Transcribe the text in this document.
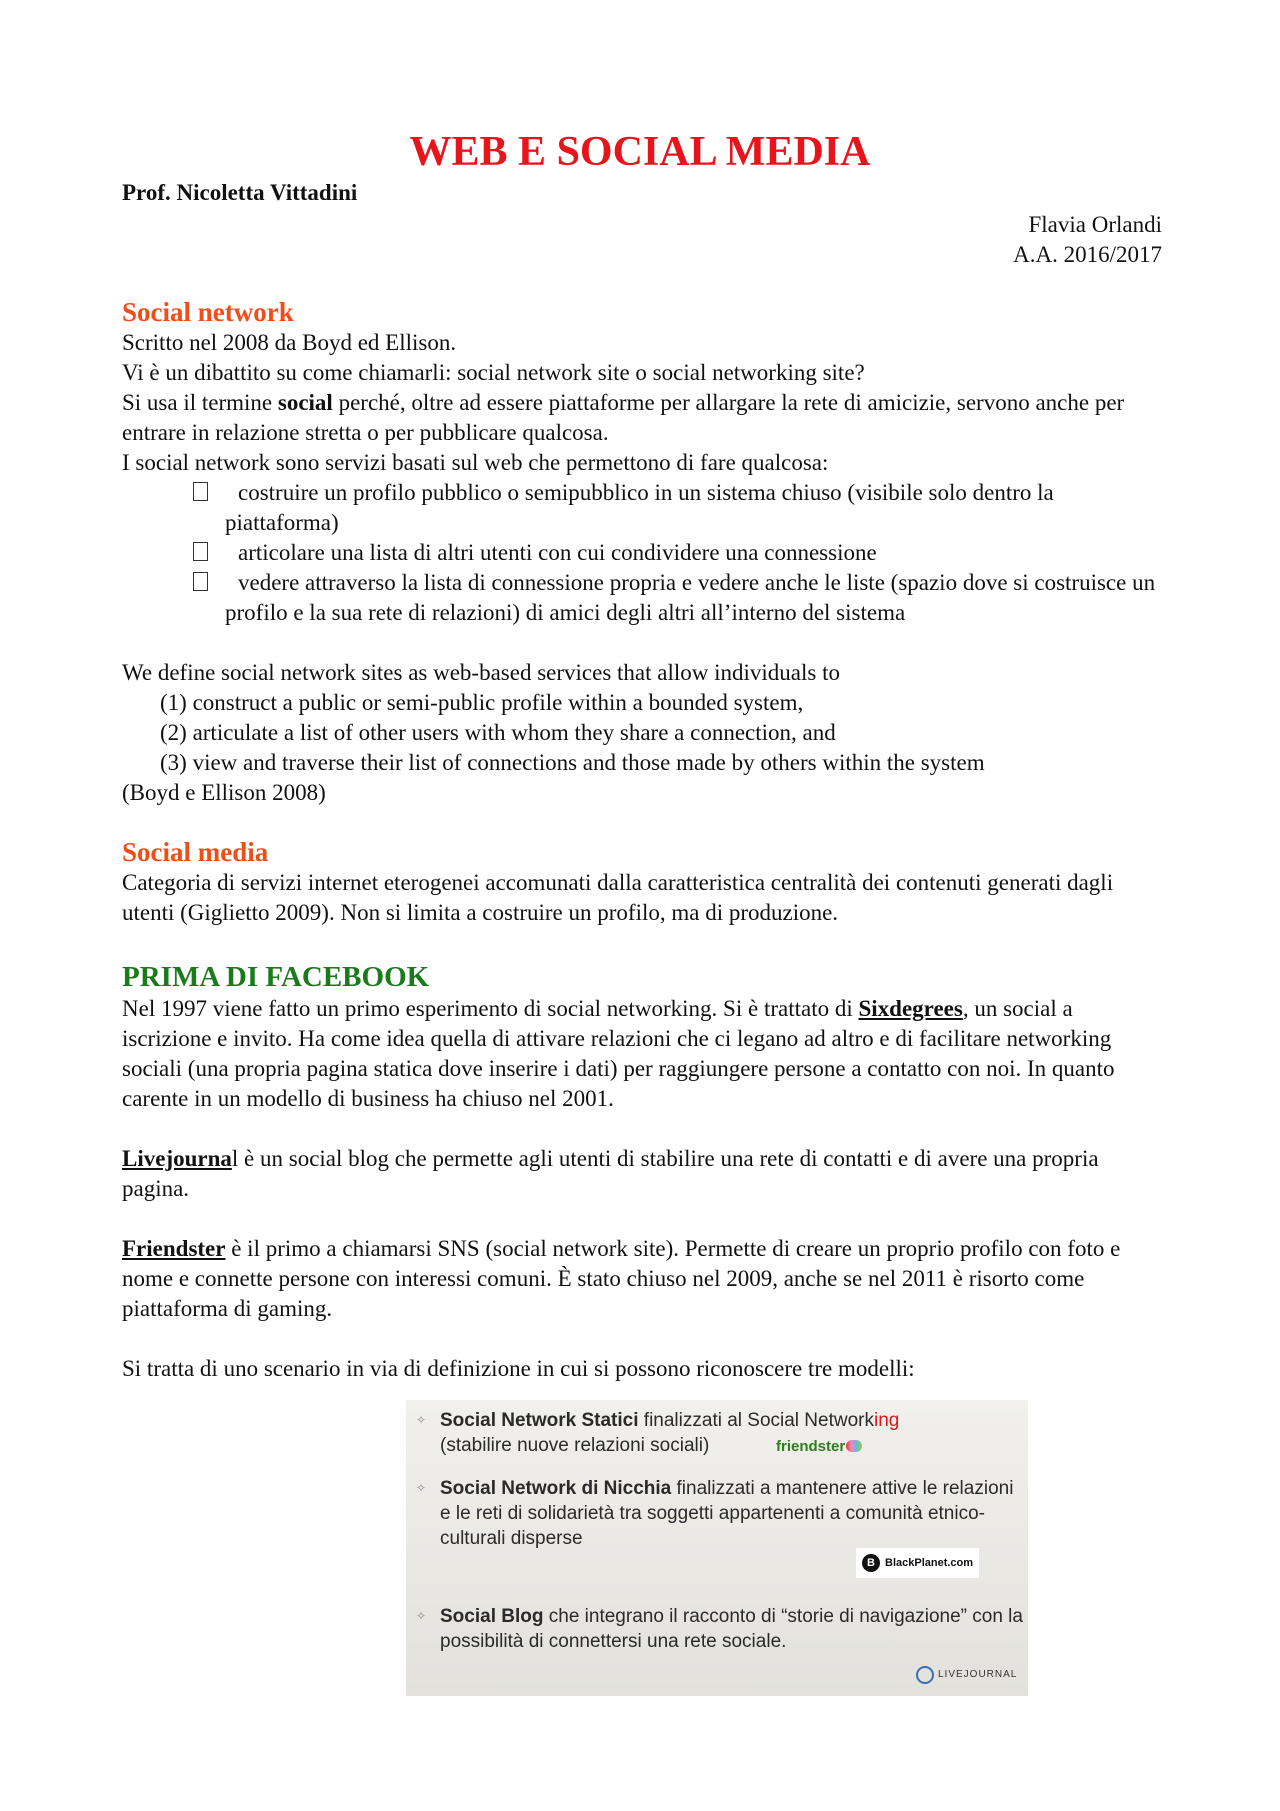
WEB E SOCIAL MEDIA

Prof. Nicoletta Vittadini

Flavia Orlandi
A.A. 2016/2017
Social network

Scritto nel 2008 da Boyd ed Ellison.

Vi è un dibattito su come chiamarli: social network site o social networking site?

Si usa il termine social perché, oltre ad essere piattaforme per allargare la rete di amicizie, servono anche per entrare in relazione stretta o per pubblicare qualcosa.

I social network sono servizi basati sul web che permettono di fare qualcosa:

costruire un profilo pubblico o semipubblico in un sistema chiuso (visibile solo dentro la piattaforma)
articolare una lista di altri utenti con cui condividere una connessione
vedere attraverso la lista di connessione propria e vedere anche le liste (spazio dove si costruisce un profilo e la sua rete di relazioni) di amici degli altri all’interno del sistema

We define social network sites as web-based services that allow individuals to

(1) construct a public or semi-public profile within a bounded system,
(2) articulate a list of other users with whom they share a connection, and
(3) view and traverse their list of connections and those made by others within the system

(Boyd e Ellison 2008)

Social media

Categoria di servizi internet eterogenei accomunati dalla caratteristica centralità dei contenuti generati dagli utenti (Giglietto 2009). Non si limita a costruire un profilo, ma di produzione.

PRIMA DI FACEBOOK

Nel 1997 viene fatto un primo esperimento di social networking. Si è trattato di Sixdegrees, un social a iscrizione e invito. Ha come idea quella di attivare relazioni che ci legano ad altro e di facilitare networking sociali (una propria pagina statica dove inserire i dati) per raggiungere persone a contatto con noi. In quanto carente in un modello di business ha chiuso nel 2001.

Livejournal è un social blog che permette agli utenti di stabilire una rete di contatti e di avere una propria pagina.

Friendster è il primo a chiamarsi SNS (social network site). Permette di creare un proprio profilo con foto e nome e connette persone con interessi comuni. È stato chiuso nel 2009, anche se nel 2011 è risorto come piattaforma di gaming.

Si tratta di uno scenario in via di definizione in cui si possono riconoscere tre modelli:

✧ Social Network Statici finalizzati al Social Networking
(stabilire nuove relazioni sociali)	friendster
✧ Social Network di Nicchia finalizzati a mantenere attive le relazioni e le reti di solidarietà tra soggetti appartenenti a comunità etnico-culturali disperse
B BlackPlanet.com
✧ Social Blog che integrano il racconto di “storie di navigazione” con la possibilità di connettersi una rete sociale.
LIVEJOURNAL
